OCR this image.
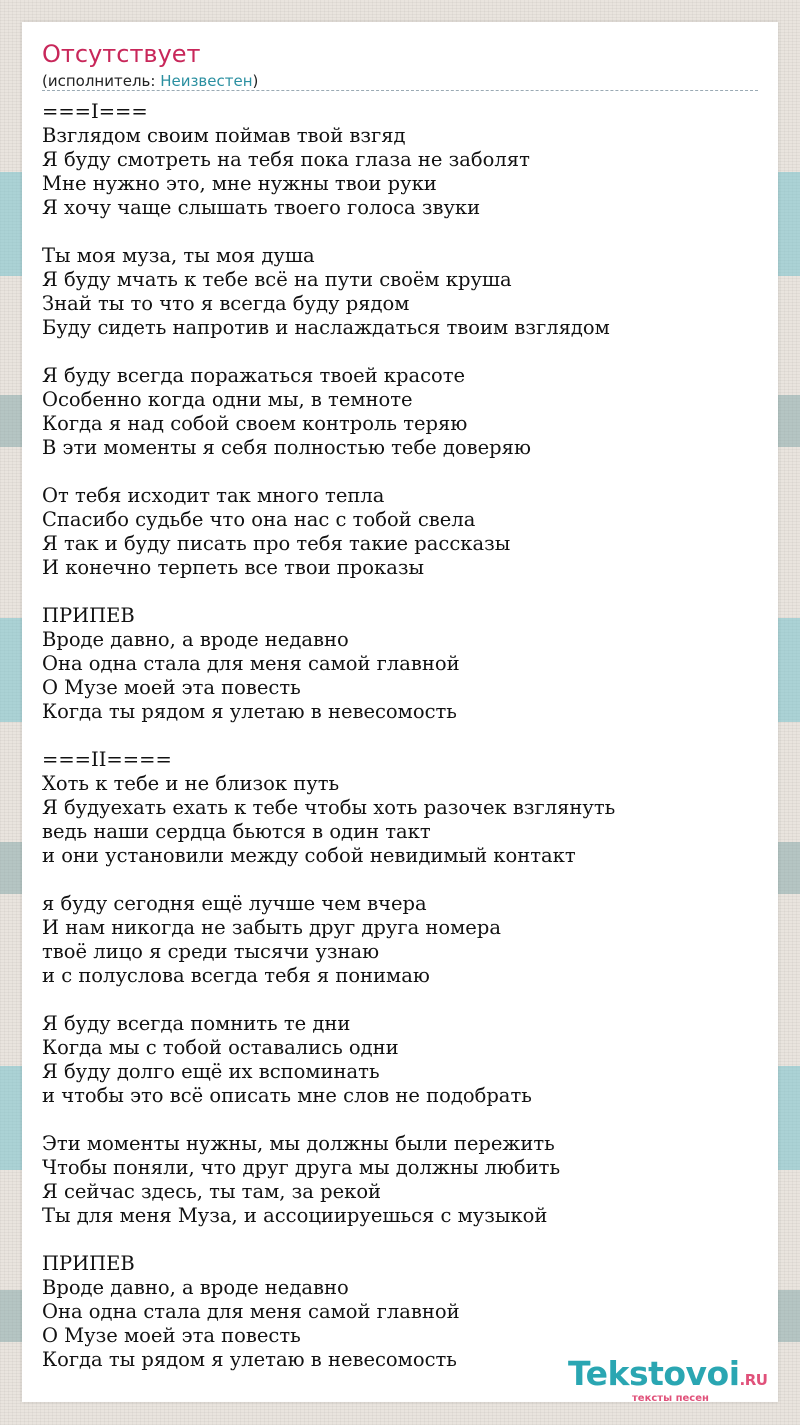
Отсутствует
(исполнитель: Неизвестен)
===I===
Взглядом своим поймав твой взгяд
Я буду смотреть на тебя пока глаза не заболят
Мне нужно это, мне нужны твои руки
Я хочу чаще слышать твоего голоса звуки
Ты моя муза, ты моя душа
Я буду мчать к тебе всё на пути своём круша
Знай ты то что я всегда буду рядом
Буду сидеть напротив и наслаждаться твоим взглядом
Я буду всегда поражаться твоей красоте
Особенно когда одни мы, в темноте
Когда я над собой своем контроль теряю
В эти моменты я себя полностью тебе доверяю
От тебя исходит так много тепла
Спасибо судьбе что она нас с тобой свела
Я так и буду писать про тебя такие рассказы
И конечно терпеть все твои проказы
ПРИПЕВ
Вроде давно, а вроде недавно
Она одна стала для меня самой главной
О Музе моей эта повесть
Когда ты рядом я улетаю в невесомость
===II====
Хоть к тебе и не близок путь
Я будуехать ехать к тебе чтобы хоть разочек взглянуть
ведь наши сердца бьются в один такт
и они установили между собой невидимый контакт
я буду сегодня ещё лучше чем вчера
И нам никогда не забыть друг друга номера
твоё лицо я среди тысячи узнаю
и с полуслова всегда тебя я понимаю
Я буду всегда помнить те дни
Когда мы с тобой оставались одни
Я буду долго ещё их вспоминать
и чтобы это всё описать мне слов не подобрать
Эти моменты нужны, мы должны были пережить
Чтобы поняли, что друг друга мы должны любить
Я сейчас здесь, ты там, за рекой
Ты для меня Муза, и ассоциируешься с музыкой
ПРИПЕВ
Вроде давно, а вроде недавно
Она одна стала для меня самой главной
О Музе моей эта повесть
Когда ты рядом я улетаю в невесомость	Tekstovoi.RU
тексты песен
